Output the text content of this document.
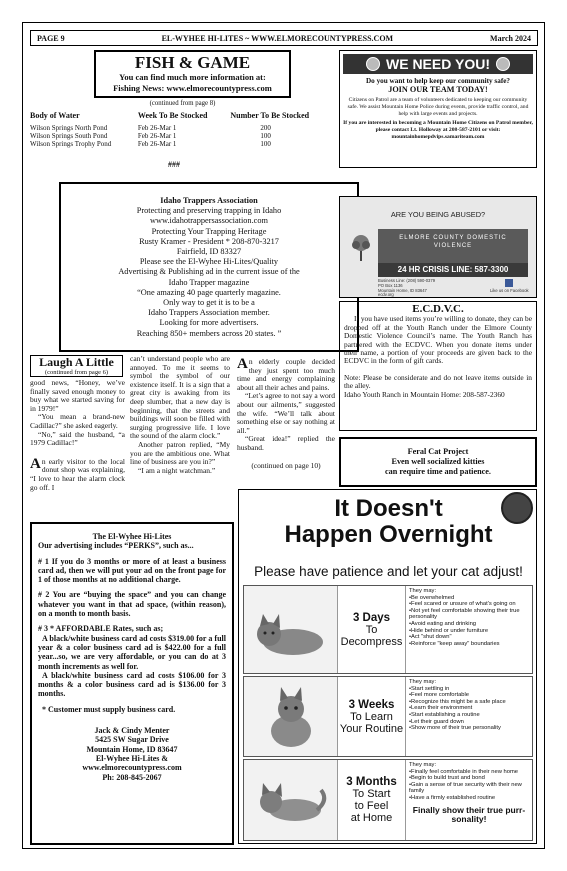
PAGE 9	EL-WYHEE HI-LITES ~ WWW.ELMORECOUNTYPRESS.COM	March 2024
FISH & GAME
You can find much more information at:
Fishing News: www.elmorecountypress.com
(continued from page 8)
Body of Water	Week To Be Stocked	Number To Be Stocked
Wilson Springs North Pond	Feb 26-Mar 1	200
Wilson Springs South Pond	Feb 26-Mar 1	100
Wilson Springs Trophy Pond	Feb 26-Mar 1	100
###
WE NEED YOU!
Do you want to help keep our community safe?
JOIN OUR TEAM TODAY!
Citizens on Patrol are a team of volunteers dedicated to keeping our community safe. We assist Mountain Home Police during events, provide traffic control, and help with large events and projects.
If you are interested in becoming a Mountain Home Citizens on Patrol member, please contact Lt. Holloway at 208-587-2101 or visit: mountainhomepdvips.samariteam.com
Idaho Trappers Association
Protecting and preserving trapping in Idaho
www.idahotrappersassociation.com
Protecting Your Trapping Heritage
Rusty Kramer - President * 208-870-3217
Fairfield, ID 83327
Please see the El-Wyhee Hi-Lites/Quality
Advertising & Publishing ad in the current issue of the
Idaho Trapper magazine
“One amazing 40 page quarterly magazine.
Only way to get it is to be a
Idaho Trappers Association member.
Looking for more advertisers.
Reaching 850+ members across 20 states. ”
ARE YOU BEING ABUSED?
ELMORE COUNTY DOMESTIC
VIOLENCE
24 HR CRISIS LINE: 587-3300
Business Line: (208) 590-0379
PO Box 1136
Mountain Home, ID 83647
ecdv.org
Like us on Facebook
E.C.D.V.C.

If you have used items you’re willing to donate, they can be dropped off at the Youth Ranch under the Elmore County Domestic Violence Council’s name. The Youth Ranch has partnered with the ECDVC. When you donate items under their name, a portion of your proceeds are given back to the ECDVC in the form of gift cards.

Note: Please be considerate and do not leave items outside in the alley.

Idaho Youth Ranch in Mountain Home: 208-587-2360

Laugh A Little
(continued from page 6)

good news, “Honey, we’ve finally saved enough money to buy what we started saving for in 1979!”

“You mean a brand-new Cadillac?” she asked eagerly.

“No,” said the husband, “a 1979 Cadillac!”

An early visitor to the local donut shop was explaining, “I love to hear the alarm clock go off. I

can’t understand people who are annoyed. To me it seems to symbol the symbol of our existence itself. It is a sign that a great city is awaking from its deep slumber, that a new day is beginning, that the streets and buildings will soon be filled with surging progressive life. I love the sound of the alarm clock.”

Another patron replied, “My you are the ambitious one. What line of business are you in?”

“I am a night watchman.”

An elderly couple decided they just spent too much time and energy complaining about all their aches and pains.

“Let’s agree to not say a word about our ailments,” suggested the wife. “We’ll talk about something else or say nothing at all.”

“Great idea!” replied the husband.

(continued on page 10)

Feral Cat Project
Even well socialized kitties
can require time and patience.
The El-Wyhee Hi-Lites
Our advertising includes “PERKS”, such as...
# 1 If you do 3 months or more of at least a business card ad, then we will put your ad on the front page for 1 of those months at no additional charge.
# 2 You are “buying the space” and you can change whatever you want in that ad space, (within reason), on a month to month basis.
# 3 * AFFORDABLE Rates, such as;
A black/white business card ad costs $319.00 for a full year & a color business card ad is $422.00 for a full year...so, we are very affordable, or you can do at 3 month increments as well for.
A black/white business card ad costs $106.00 for 3 months & a color business card ad is $136.00 for 3 months.
* Customer must supply business card.
Jack & Cindy Menter
5425 SW Sugar Drive
Mountain Home, ID 83647
El-Wyhee Hi-Lites &
www.elmorecountypress.com
Ph: 208-845-2067
It Doesn't
Happen Overnight
Please have patience and let your cat adjust!
3 Days
To
Decompress
They may:
• Be overwhelmed
• Feel scared or unsure of what's going on
• Not yet feel comfortable showing their true personality
• Avoid eating and drinking
• Hide behind or under furniture
• Act "shut down"
• Reinforce "keep away" boundaries
3 Weeks
To Learn
Your Routine
They may:
• Start settling in
• Feel more comfortable
• Recognize this might be a safe place
• Learn their environment
• Start establishing a routine
• Let their guard down
• Show more of their true personality
3 Months
To Start
to Feel
at Home
They may:
• Finally feel comfortable in their new home
• Begin to build trust and bond
• Gain a sense of true security with their new family
• Have a firmly established routine
Finally show their true purr-sonality!
